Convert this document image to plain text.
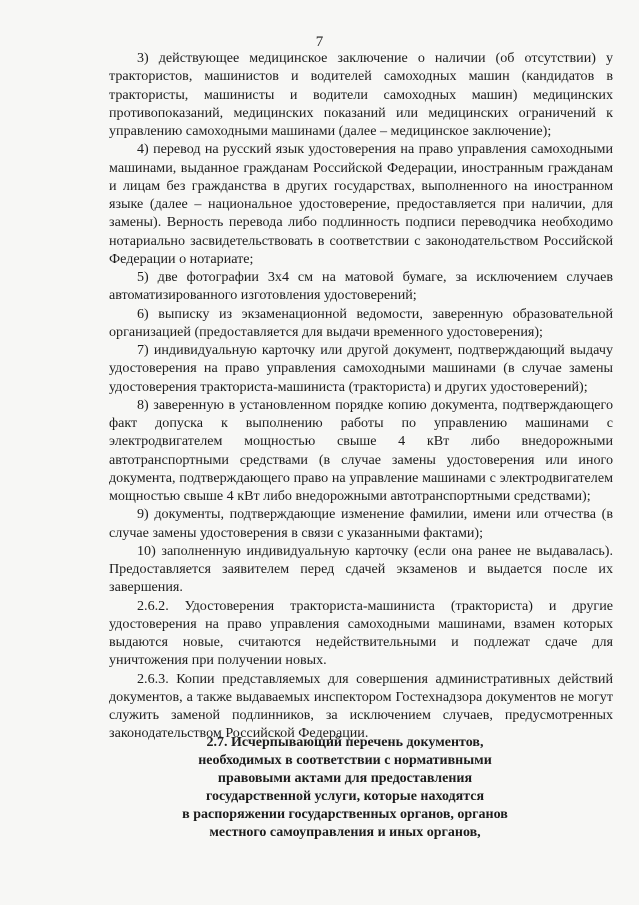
7

3) действующее медицинское заключение о наличии (об отсутствии) у трактористов, машинистов и водителей самоходных машин (кандидатов в трактористы, машинисты и водители самоходных машин) медицинских противопоказаний, медицинских показаний или медицинских ограничений к управлению самоходными машинами (далее – медицинское заключение);

4) перевод на русский язык удостоверения на право управления самоходными машинами, выданное гражданам Российской Федерации, иностранным гражданам и лицам без гражданства в других государствах, выполненного на иностранном языке (далее – национальное удостоверение, предоставляется при наличии, для замены). Верность перевода либо подлинность подписи переводчика необходимо нотариально засвидетельствовать в соответствии с законодательством Российской Федерации о нотариате;

5) две фотографии 3х4 см на матовой бумаге, за исключением случаев автоматизированного изготовления удостоверений;

6) выписку из экзаменационной ведомости, заверенную образовательной организацией (предоставляется для выдачи временного удостоверения);

7) индивидуальную карточку или другой документ, подтверждающий выдачу удостоверения на право управления самоходными машинами (в случае замены удостоверения тракториста-машиниста (тракториста) и других удостоверений);

8) заверенную в установленном порядке копию документа, подтверждающего факт допуска к выполнению работы по управлению машинами с электродвигателем мощностью свыше 4 кВт либо внедорожными автотранспортными средствами (в случае замены удостоверения или иного документа, подтверждающего право на управление машинами с электродвигателем мощностью свыше 4 кВт либо внедорожными автотранспортными средствами);

9) документы, подтверждающие изменение фамилии, имени или отчества (в случае замены удостоверения в связи с указанными фактами);

10) заполненную индивидуальную карточку (если она ранее не выдавалась). Предоставляется заявителем перед сдачей экзаменов и выдается после их завершения.

2.6.2. Удостоверения тракториста-машиниста (тракториста) и другие удостоверения на право управления самоходными машинами, взамен которых выдаются новые, считаются недействительными и подлежат сдаче для уничтожения при получении новых.

2.6.3. Копии представляемых для совершения административных действий документов, а также выдаваемых инспектором Гостехнадзора документов не могут служить заменой подлинников, за исключением случаев, предусмотренных законодательством Российской Федерации.

2.7. Исчерпывающий перечень документов,
необходимых в соответствии с нормативными
правовыми актами для предоставления
государственной услуги, которые находятся
в распоряжении государственных органов, органов
местного самоуправления и иных органов,
